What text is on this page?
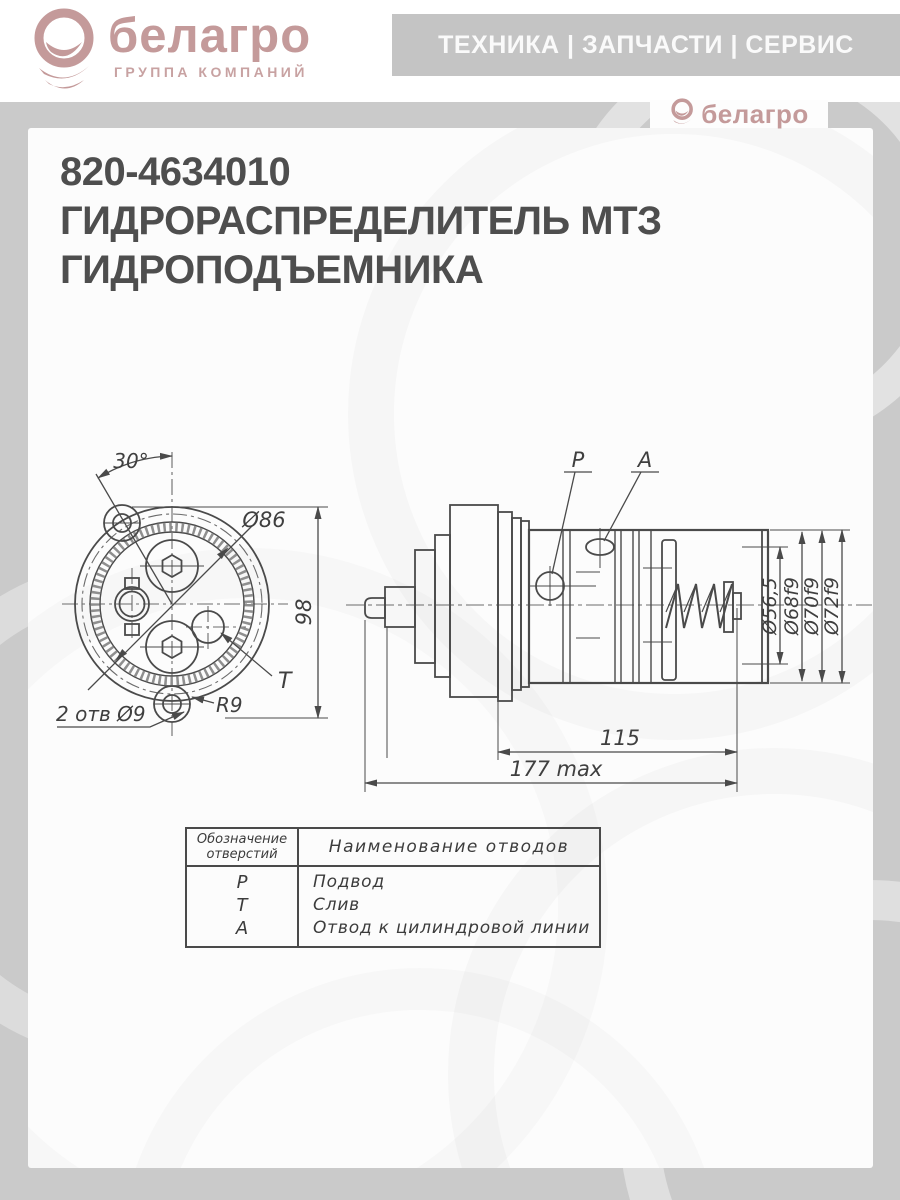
белагро
ГРУППА КОМПАНИЙ
ТЕХНИКА | ЗАПЧАСТИ | СЕРВИС
белагро
820-4634010
ГИДРОРАСПРЕДЕЛИТЕЛЬ МТЗ
ГИДРОПОДЪЕМНИКА
30°
Ø86
98
2 отв Ø9	R9
T
P	A
Ø56,5 Ø68f9
Ø70f9
Ø72f9
115
177 max
Обозначение отверстий	Наименование отводов
P	Подвод
T	Слив
А	Отвод к цилиндровой линии
